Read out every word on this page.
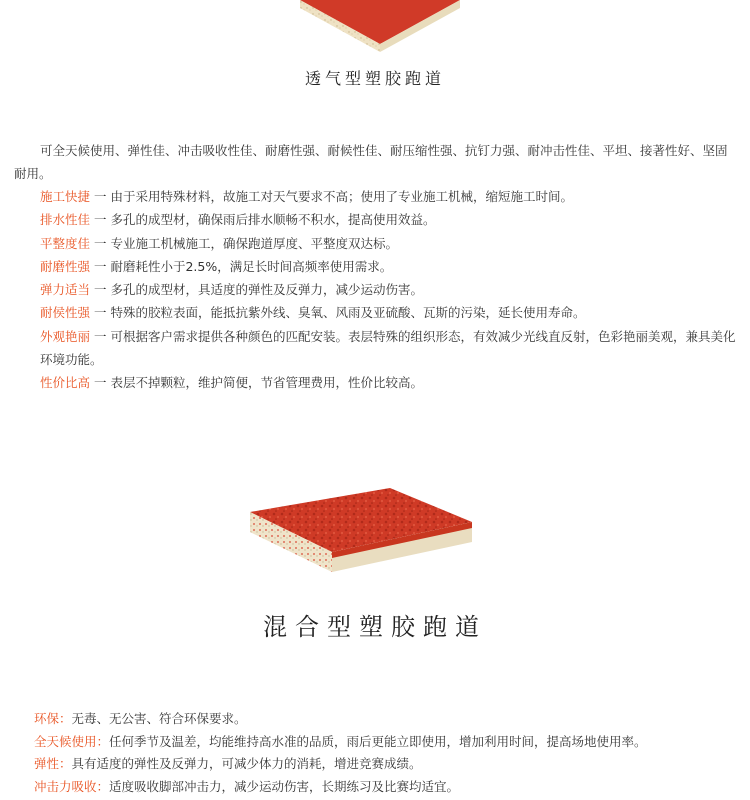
透气型塑胶跑道
可全天候使用、弹性佳、冲击吸收性佳、耐磨性强、耐候性佳、耐压缩性强、抗钉力强、耐冲击性佳、平坦、接著性好、坚固耐用。
施工快捷 一 由于采用特殊材料，故施工对天气要求不高；使用了专业施工机械，缩短施工时间。
排水性佳 一 多孔的成型材，确保雨后排水顺畅不积水，提高使用效益。
平整度佳 一 专业施工机械施工，确保跑道厚度、平整度双达标。
耐磨性强 一 耐磨耗性小于2.5%，满足长时间高频率使用需求。
弹力适当 一 多孔的成型材，具适度的弹性及反弹力，减少运动伤害。
耐侯性强 一 特殊的胶粒表面，能抵抗紫外线、臭氧、风雨及亚硫酸、瓦斯的污染，延长使用寿命。
外观艳丽 一 可根据客户需求提供各种颜色的匹配安装。表层特殊的组织形态，有效减少光线直反射，色彩艳丽美观，兼具美化环境功能。
性价比高 一 表层不掉颗粒，维护简便，节省管理费用，性价比较高。
混合型塑胶跑道
环保：无毒、无公害、符合环保要求。
全天候使用：任何季节及温差，均能维持高水准的品质，雨后更能立即使用，增加利用时间，提高场地使用率。
弹性：具有适度的弹性及反弹力，可减少体力的消耗，增进竞赛成绩。
冲击力吸收：适度吸收脚部冲击力，减少运动伤害，长期练习及比赛均适宜。
